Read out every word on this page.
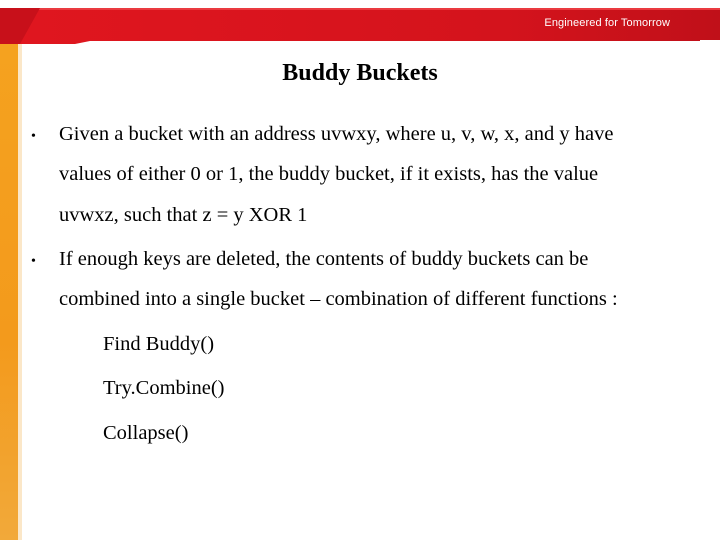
Engineered for Tomorrow
Buddy Buckets
• Given a bucket with an address uvwxy, where u, v, w, x, and y have
values of either 0 or 1, the buddy bucket, if it exists, has the value
uvwxz, such that z = y XOR 1
• If enough keys are deleted, the contents of buddy buckets can be
combined into a single bucket – combination of different functions :
Find Buddy()
Try.Combine()
Collapse()
